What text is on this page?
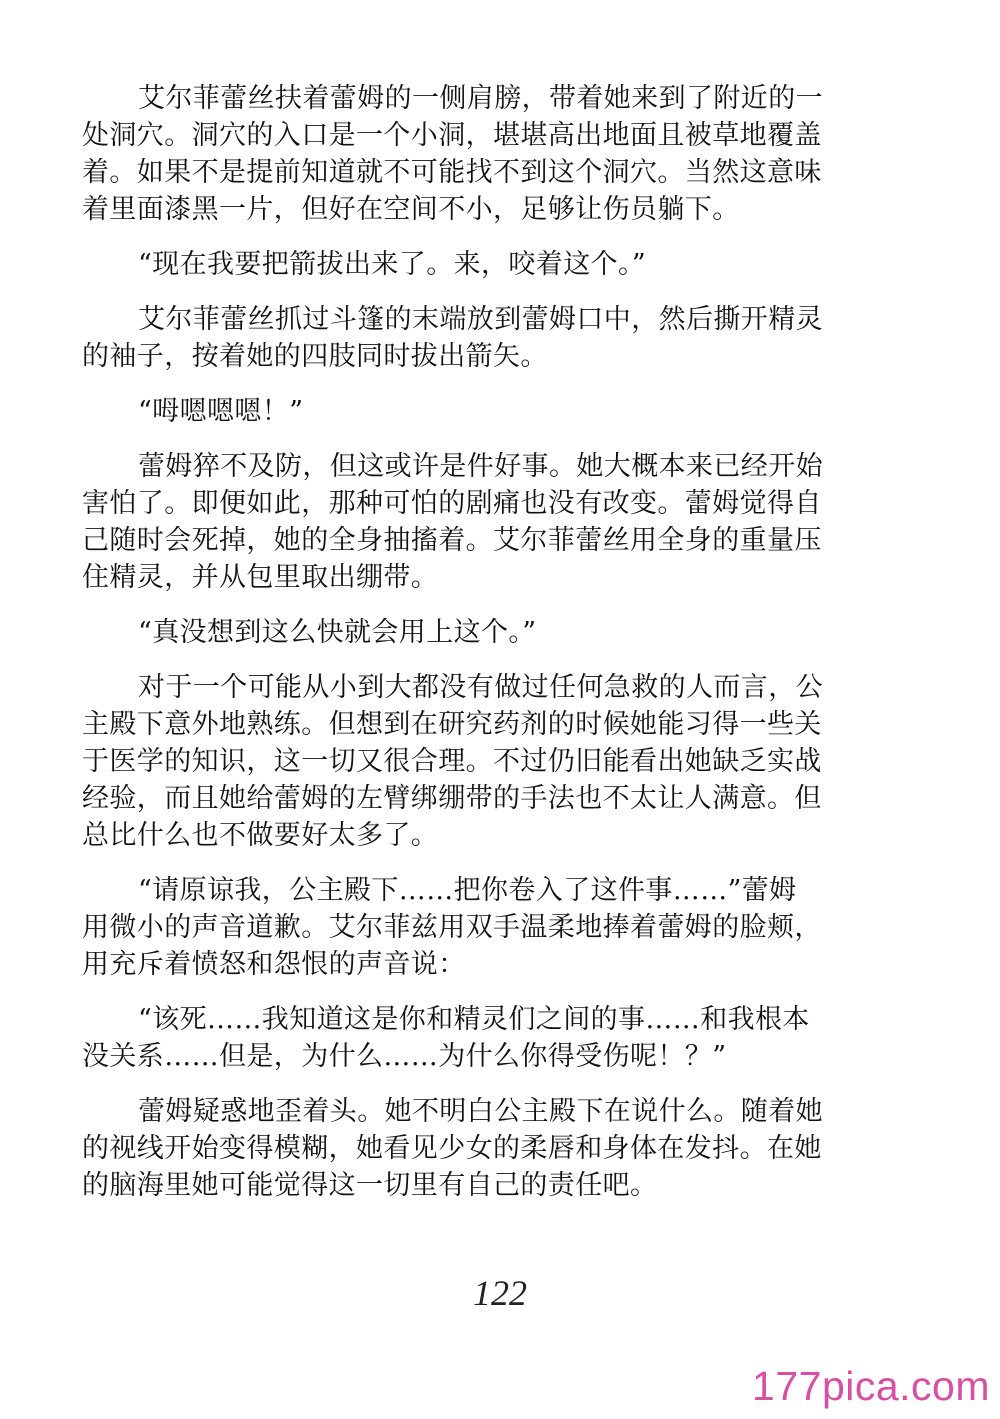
艾尔菲蕾丝扶着蕾姆的一侧肩膀，带着她来到了附近的一
处洞穴。洞穴的入口是一个小洞，堪堪高出地面且被草地覆盖
着。如果不是提前知道就不可能找不到这个洞穴。当然这意味
着里面漆黑一片，但好在空间不小，足够让伤员躺下。

“现在我要把箭拔出来了。来，咬着这个。”

艾尔菲蕾丝抓过斗篷的末端放到蕾姆口中，然后撕开精灵
的袖子，按着她的四肢同时拔出箭矢。

“呣嗯嗯嗯！”

蕾姆猝不及防，但这或许是件好事。她大概本来已经开始
害怕了。即便如此，那种可怕的剧痛也没有改变。蕾姆觉得自
己随时会死掉，她的全身抽搐着。艾尔菲蕾丝用全身的重量压
住精灵，并从包里取出绷带。

“真没想到这么快就会用上这个。”

对于一个可能从小到大都没有做过任何急救的人而言，公
主殿下意外地熟练。但想到在研究药剂的时候她能习得一些关
于医学的知识，这一切又很合理。不过仍旧能看出她缺乏实战
经验，而且她给蕾姆的左臂绑绷带的手法也不太让人满意。但
总比什么也不做要好太多了。

“请原谅我，公主殿下……把你卷入了这件事……”蕾姆
用微小的声音道歉。艾尔菲兹用双手温柔地捧着蕾姆的脸颊，
用充斥着愤怒和怨恨的声音说：

“该死……我知道这是你和精灵们之间的事……和我根本
没关系……但是，为什么……为什么你得受伤呢！？”

蕾姆疑惑地歪着头。她不明白公主殿下在说什么。随着她
的视线开始变得模糊，她看见少女的柔唇和身体在发抖。在她
的脑海里她可能觉得这一切里有自己的责任吧。

122
177pica.com
